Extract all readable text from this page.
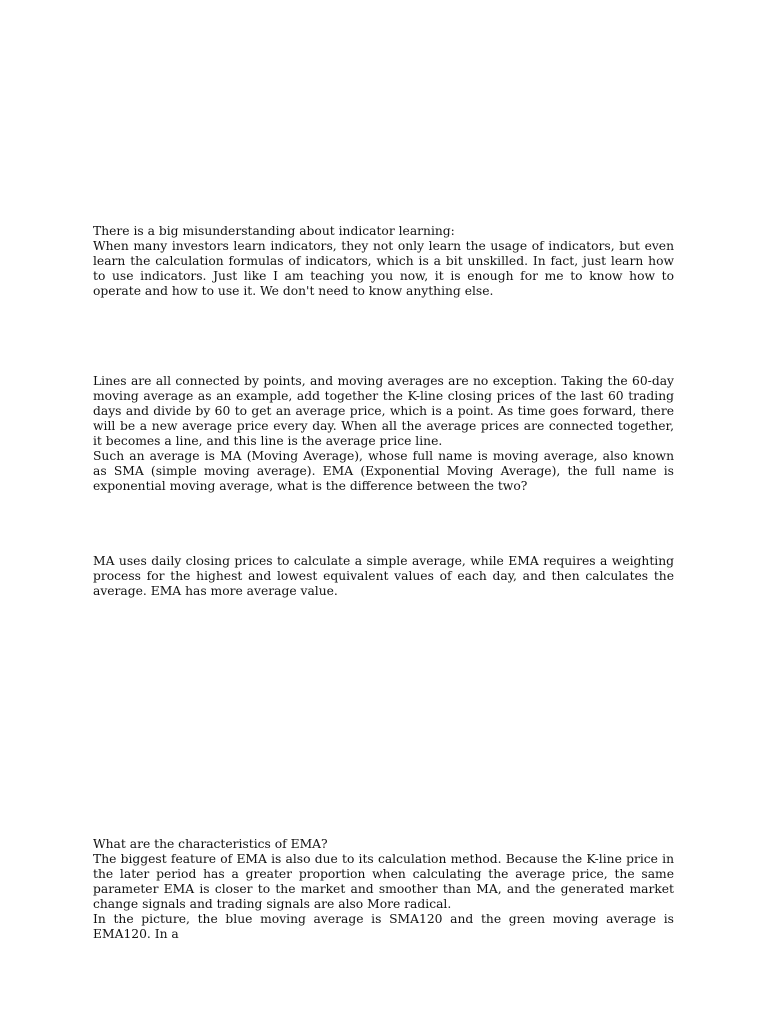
There is a big misunderstanding about indicator learning:

When many investors learn indicators, they not only learn the usage of indicators, but even learn the calculation formulas of indicators, which is a bit unskilled. In fact, just learn how to use indicators. Just like I am teaching you now, it is enough for me to know how to operate and how to use it. We don't need to know anything else.

Lines are all connected by points, and moving averages are no exception. Taking the 60-day moving average as an example, add together the K-line closing prices of the last 60 trading days and divide by 60 to get an average price, which is a point. As time goes forward, there will be a new average price every day. When all the average prices are connected together, it becomes a line, and this line is the average price line.

Such an average is MA (Moving Average), whose full name is moving average, also known as SMA (simple moving average). EMA (Exponential Moving Average), the full name is exponential moving average, what is the difference between the two?

MA uses daily closing prices to calculate a simple average, while EMA requires a weighting process for the highest and lowest equivalent values of each day, and then calculates the average. EMA has more average value.

What are the characteristics of EMA?

The biggest feature of EMA is also due to its calculation method. Because the K-line price in the later period has a greater proportion when calculating the average price, the same parameter EMA is closer to the market and smoother than MA, and the generated market change signals and trading signals are also More radical.

In the picture, the blue moving average is SMA120 and the green moving average is EMA120. In a
